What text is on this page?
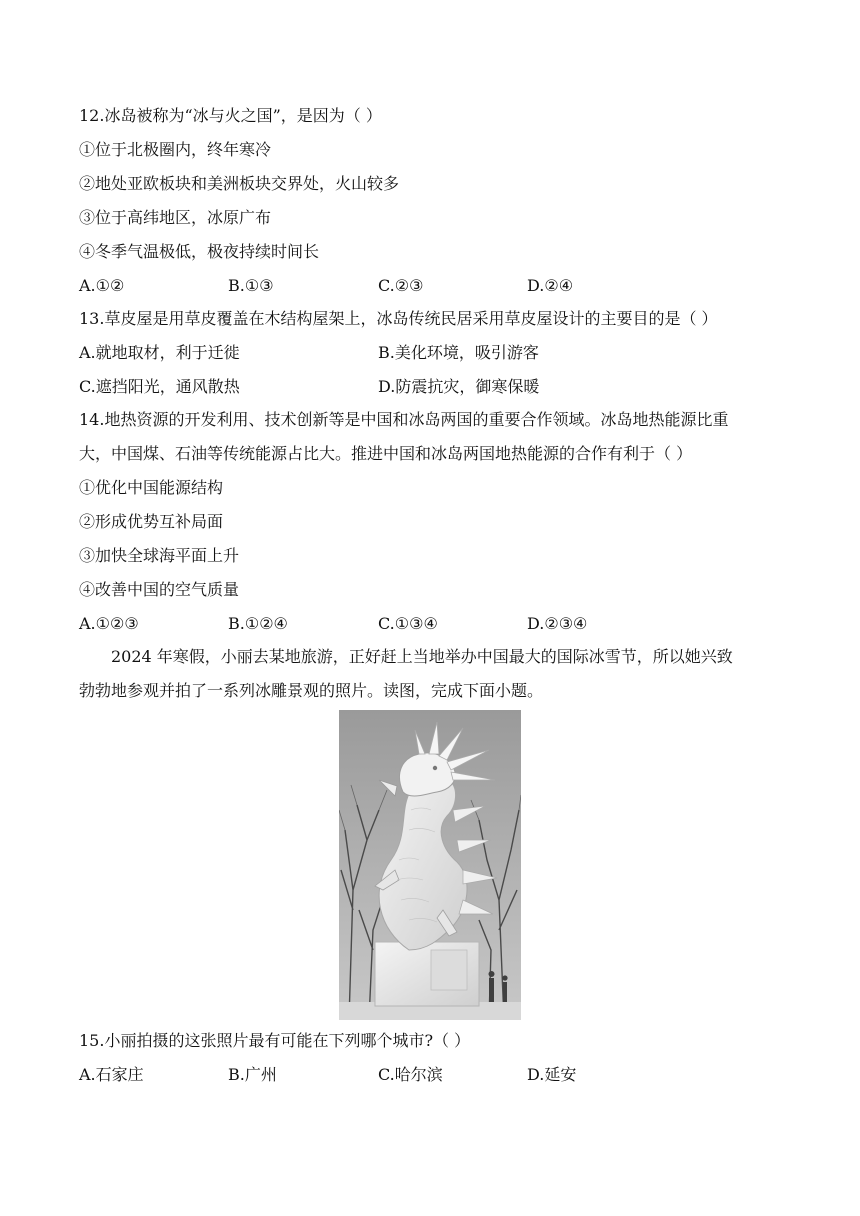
12.冰岛被称为“冰与火之国”，是因为（ ）
①位于北极圈内，终年寒冷
②地处亚欧板块和美洲板块交界处，火山较多
③位于高纬地区，冰原广布
④冬季气温极低，极夜持续时间长
A.①②	B.①③	C.②③	D.②④
13.草皮屋是用草皮覆盖在木结构屋架上，冰岛传统民居采用草皮屋设计的主要目的是（ ）
A.就地取材，利于迁徙	B.美化环境，吸引游客
C.遮挡阳光，通风散热	D.防震抗灾，御寒保暖
14.地热资源的开发利用、技术创新等是中国和冰岛两国的重要合作领域。冰岛地热能源比重
大，中国煤、石油等传统能源占比大。推进中国和冰岛两国地热能源的合作有利于（ ）
①优化中国能源结构
②形成优势互补局面
③加快全球海平面上升
④改善中国的空气质量
A.①②③	B.①②④	C.①③④	D.②③④
2024 年寒假，小丽去某地旅游，正好赶上当地举办中国最大的国际冰雪节，所以她兴致
勃勃地参观并拍了一系列冰雕景观的照片。读图，完成下面小题。
15.小丽拍摄的这张照片最有可能在下列哪个城市?（ ）
A.石家庄	B.广州	C.哈尔滨	D.延安
